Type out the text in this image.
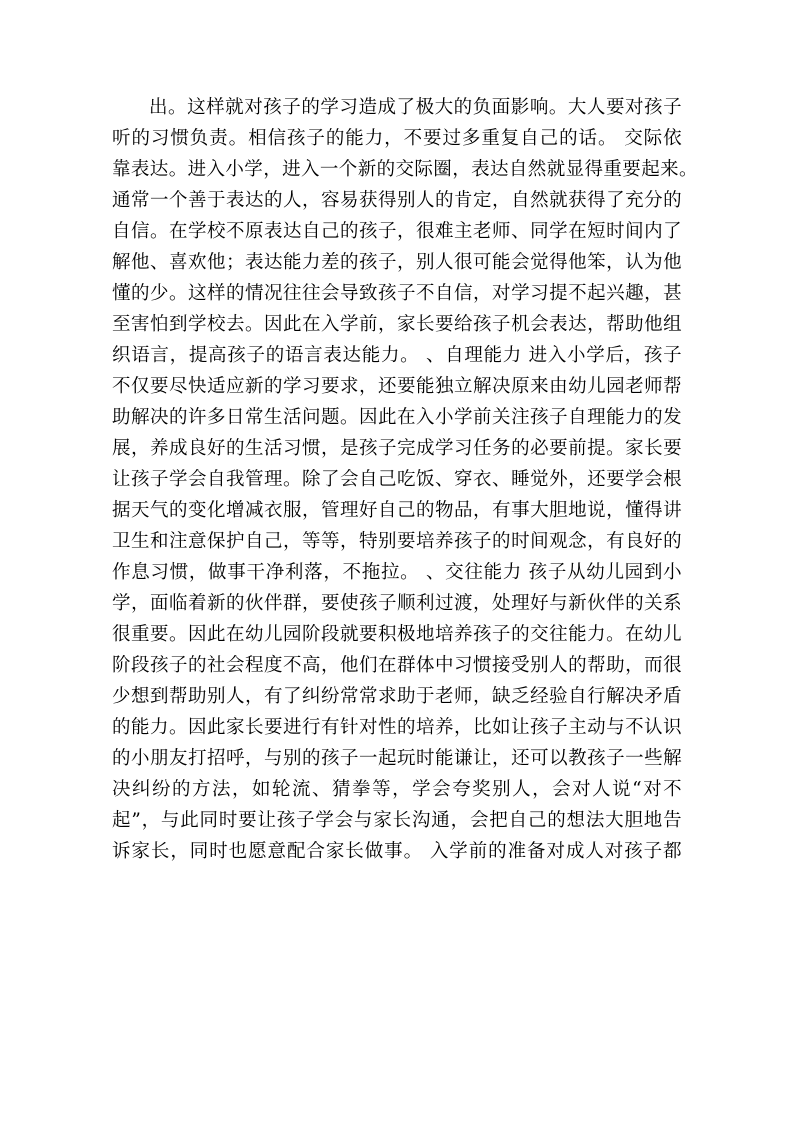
出。这样就对孩子的学习造成了极大的负面影响。大人要对孩子
听的习惯负责。相信孩子的能力，不要过多重复自己的话。 交际依
靠表达。进入小学，进入一个新的交际圈，表达自然就显得重要起来。
通常一个善于表达的人，容易获得别人的肯定，自然就获得了充分的
自信。在学校不原表达自己的孩子，很难主老师、同学在短时间内了
解他、喜欢他；表达能力差的孩子，别人很可能会觉得他笨，认为他
懂的少。这样的情况往往会导致孩子不自信，对学习提不起兴趣，甚
至害怕到学校去。因此在入学前，家长要给孩子机会表达，帮助他组
织语言，提高孩子的语言表达能力。 、自理能力 进入小学后，孩子
不仅要尽快适应新的学习要求，还要能独立解决原来由幼儿园老师帮
助解决的许多日常生活问题。因此在入小学前关注孩子自理能力的发
展，养成良好的生活习惯，是孩子完成学习任务的必要前提。家长要
让孩子学会自我管理。除了会自己吃饭、穿衣、睡觉外，还要学会根
据天气的变化增减衣服，管理好自己的物品，有事大胆地说，懂得讲
卫生和注意保护自己，等等，特别要培养孩子的时间观念，有良好的
作息习惯，做事干净利落，不拖拉。 、交往能力 孩子从幼儿园到小
学，面临着新的伙伴群，要使孩子顺利过渡，处理好与新伙伴的关系
很重要。因此在幼儿园阶段就要积极地培养孩子的交往能力。在幼儿
阶段孩子的社会程度不高，他们在群体中习惯接受别人的帮助，而很
少想到帮助别人，有了纠纷常常求助于老师，缺乏经验自行解决矛盾
的能力。因此家长要进行有针对性的培养，比如让孩子主动与不认识
的小朋友打招呼，与别的孩子一起玩时能谦让，还可以教孩子一些解
决纠纷的方法，如轮流、猜拳等，学会夸奖别人，会对人说“对不
起”，与此同时要让孩子学会与家长沟通，会把自己的想法大胆地告
诉家长，同时也愿意配合家长做事。 入学前的准备对成人对孩子都
